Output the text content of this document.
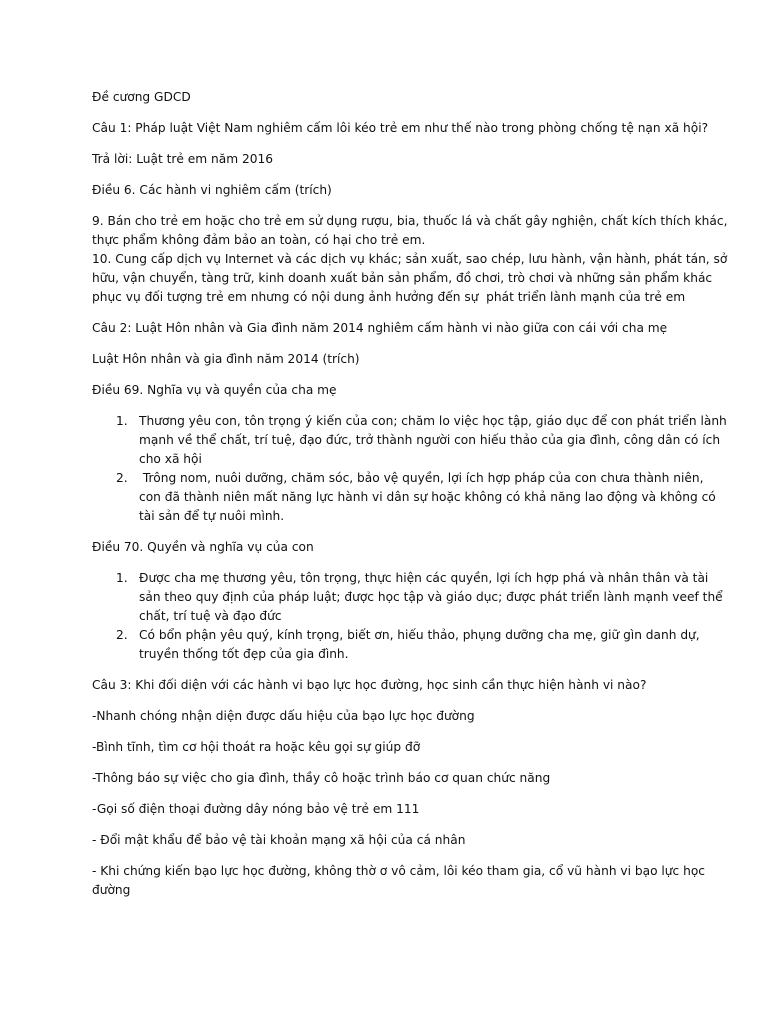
Đề cương GDCD

Câu 1: Pháp luật Việt Nam nghiêm cấm lôi kéo trẻ em như thế nào trong phòng chống tệ nạn xã hội?

Trả lời: Luật trẻ em năm 2016

Điều 6. Các hành vi nghiêm cấm (trích)

9. Bán cho trẻ em hoặc cho trẻ em sử dụng rượu, bia, thuốc lá và chất gây nghiện, chất kích thích khác, thực phẩm không đảm bảo an toàn, có hại cho trẻ em.

10. Cung cấp dịch vụ Internet và các dịch vụ khác; sản xuất, sao chép, lưu hành, vận hành, phát tán, sở  hữu, vận chuyển, tàng trữ, kinh doanh xuất bản sản phẩm, đồ chơi, trò chơi và những sản phẩm khác phục vụ đối tượng trẻ em nhưng có nội dung ảnh hưởng đến sự  phát triển lành mạnh của trẻ em

Câu 2: Luật Hôn nhân và Gia đình năm 2014 nghiêm cấm hành vi nào giữa con cái với cha mẹ

Luật Hôn nhân và gia đình năm 2014 (trích)

Điều 69. Nghĩa vụ và quyền của cha mẹ

1. Thương yêu con, tôn trọng ý kiến của con; chăm lo việc học tập, giáo dục để con phát triển lành mạnh về thể chất, trí tuệ, đạo đức, trở thành người con hiếu thảo của gia đình, công dân có ích cho xã hội
2. Trông nom, nuôi dưỡng, chăm sóc, bảo vệ quyền, lợi ích hợp pháp của con chưa thành niên, con đã thành niên mất năng lực hành vi dân sự hoặc không có khả năng lao động và không có tài sản để tự nuôi mình.

Điều 70. Quyền và nghĩa vụ của con

1. Được cha mẹ thương yêu, tôn trọng, thực hiện các quyền, lợi ích hợp phá và nhân thân và tài sản theo quy định của pháp luật; được học tập và giáo dục; được phát triển lành mạnh veef thể chất, trí tuệ và đạo đức
2. Có bổn phận yêu quý, kính trọng, biết ơn, hiếu thảo, phụng dưỡng cha mẹ, giữ gìn danh dự, truyền thống tốt đẹp của gia đình.

Câu 3: Khi đối diện với các hành vi bạo lực học đường, học sinh cần thực hiện hành vi nào?

-Nhanh chóng nhận diện được dấu hiệu của bạo lực học đường

-Bình tĩnh, tìm cơ hội thoát ra hoặc kêu gọi sự giúp đỡ

-Thông báo sự việc cho gia đình, thầy cô hoặc trình báo cơ quan chức năng

-Gọi số điện thoại đường dây nóng bảo vệ trẻ em 111

- Đổi mật khẩu để bảo vệ tài khoản mạng xã hội của cá nhân

- Khi chứng kiến bạo lực học đường, không thờ ơ vô cảm, lôi kéo tham gia, cổ vũ hành vi bạo lực học đường
